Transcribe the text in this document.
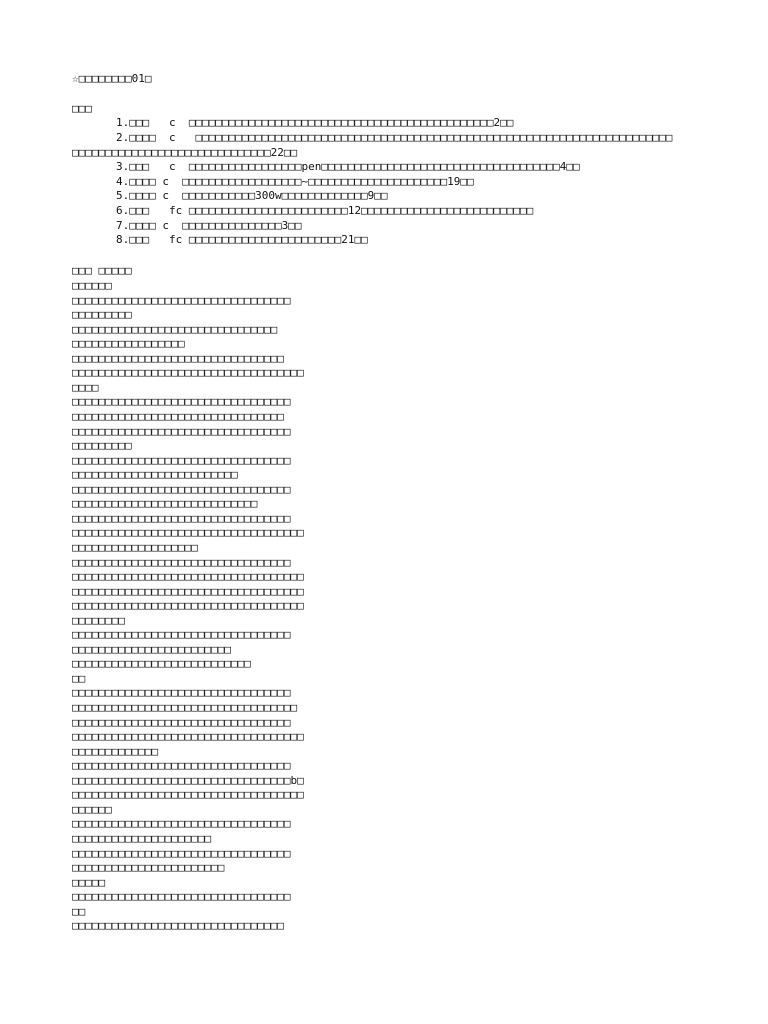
☆□□□□□□□□01□
□□□
1.□□□ c □□□□□□□□□□□□□□□□□□□□□□□□□□□□□□□□□□□□□□□□□□□□□□2□□
2.□□□□ c □□□□□□□□□□□□□□□□□□□□□□□□□□□□□□□□□□□□□□□□□□□□□□□□□□□□□□□□□□□□□□□□□□□□□□□□
□□□□□□□□□□□□□□□□□□□□□□□□□□□□□□22□□
3.□□□ c □□□□□□□□□□□□□□□□□pen□□□□□□□□□□□□□□□□□□□□□□□□□□□□□□□□□□□□4□□
4.□□□□ c □□□□□□□□□□□□□□□□□□~□□□□□□□□□□□□□□□□□□□□□19□□
5.□□□□ c □□□□□□□□□□□300w□□□□□□□□□□□□□9□□
6.□□□ fc □□□□□□□□□□□□□□□□□□□□□□□□12□□□□□□□□□□□□□□□□□□□□□□□□□□
7.□□□□ c □□□□□□□□□□□□□□□3□□
8.□□□ fc □□□□□□□□□□□□□□□□□□□□□□□21□□
□□□ □□□□□
□□□□□□
□□□□□□□□□□□□□□□□□□□□□□□□□□□□□□□□□
□□□□□□□□□
□□□□□□□□□□□□□□□□□□□□□□□□□□□□□□□
□□□□□□□□□□□□□□□□□
□□□□□□□□□□□□□□□□□□□□□□□□□□□□□□□□
□□□□□□□□□□□□□□□□□□□□□□□□□□□□□□□□□□□
□□□□
□□□□□□□□□□□□□□□□□□□□□□□□□□□□□□□□□
□□□□□□□□□□□□□□□□□□□□□□□□□□□□□□□□
□□□□□□□□□□□□□□□□□□□□□□□□□□□□□□□□□
□□□□□□□□□
□□□□□□□□□□□□□□□□□□□□□□□□□□□□□□□□□
□□□□□□□□□□□□□□□□□□□□□□□□□
□□□□□□□□□□□□□□□□□□□□□□□□□□□□□□□□□
□□□□□□□□□□□□□□□□□□□□□□□□□□□□
□□□□□□□□□□□□□□□□□□□□□□□□□□□□□□□□□
□□□□□□□□□□□□□□□□□□□□□□□□□□□□□□□□□□□
□□□□□□□□□□□□□□□□□□□
□□□□□□□□□□□□□□□□□□□□□□□□□□□□□□□□□
□□□□□□□□□□□□□□□□□□□□□□□□□□□□□□□□□□□
□□□□□□□□□□□□□□□□□□□□□□□□□□□□□□□□□□□
□□□□□□□□□□□□□□□□□□□□□□□□□□□□□□□□□□□
□□□□□□□□
□□□□□□□□□□□□□□□□□□□□□□□□□□□□□□□□□
□□□□□□□□□□□□□□□□□□□□□□□□
□□□□□□□□□□□□□□□□□□□□□□□□□□□
□□
□□□□□□□□□□□□□□□□□□□□□□□□□□□□□□□□□
□□□□□□□□□□□□□□□□□□□□□□□□□□□□□□□□□□
□□□□□□□□□□□□□□□□□□□□□□□□□□□□□□□□□
□□□□□□□□□□□□□□□□□□□□□□□□□□□□□□□□□□□
□□□□□□□□□□□□□
□□□□□□□□□□□□□□□□□□□□□□□□□□□□□□□□□
□□□□□□□□□□□□□□□□□□□□□□□□□□□□□□□□□b□
□□□□□□□□□□□□□□□□□□□□□□□□□□□□□□□□□□□
□□□□□□
□□□□□□□□□□□□□□□□□□□□□□□□□□□□□□□□□
□□□□□□□□□□□□□□□□□□□□□
□□□□□□□□□□□□□□□□□□□□□□□□□□□□□□□□□
□□□□□□□□□□□□□□□□□□□□□□□
□□□□□
□□□□□□□□□□□□□□□□□□□□□□□□□□□□□□□□□
□□
□□□□□□□□□□□□□□□□□□□□□□□□□□□□□□□□
